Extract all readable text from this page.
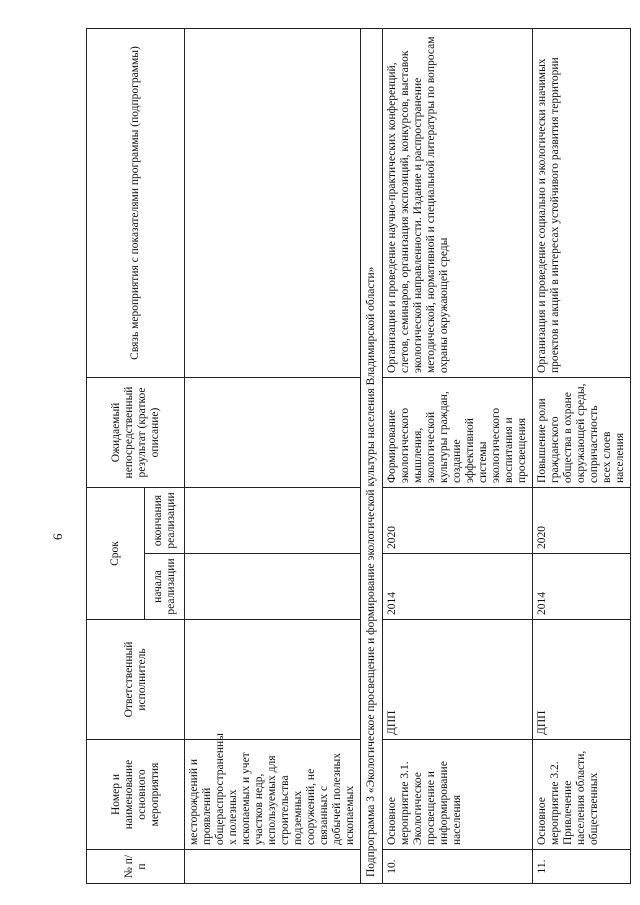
6
№ п/п	Номер и наименование основного мероприятия	Ответственный исполнитель	Срок		Ожидаемый непосредственный результат (краткое описание)	Связь мероприятия с показателями программы (подпрограммы)
			начала реализации	окончания реализации		
	месторождений и проявлений общераспространенны х полезных ископаемых и учет участков недр, используемых для строительства подземных сооружений, не связанных с добычей полезных ископаемых					
Подпрограмма 3 «Экологическое просвещение и формирование экологической культуры населения Владимирской области»						
10.	Основное мероприятие 3.1. Экологическое просвещение и информирование населения	ДПП	2014	2020	Формирование экологического мышления, экологической культуры граждан, создание эффективной системы экологического воспитания и просвещения	Организация и проведение научно-практических конференций, слетов, семинаров, организация экспозиций, конкурсов, выставок экологической направленности. Издание и распространение методической, нормативной и специальной литературы по вопросам охраны окружающей среды
11.	Основное мероприятие 3.2. Привлечение населения области, общественных	ДПП	2014	2020	Повышение роли гражданского общества в охране окружающей среды, сопричастность всех слоев населения	Организация и проведение социально и экологически значимых проектов и акций в интересах устойчивого развития территории
